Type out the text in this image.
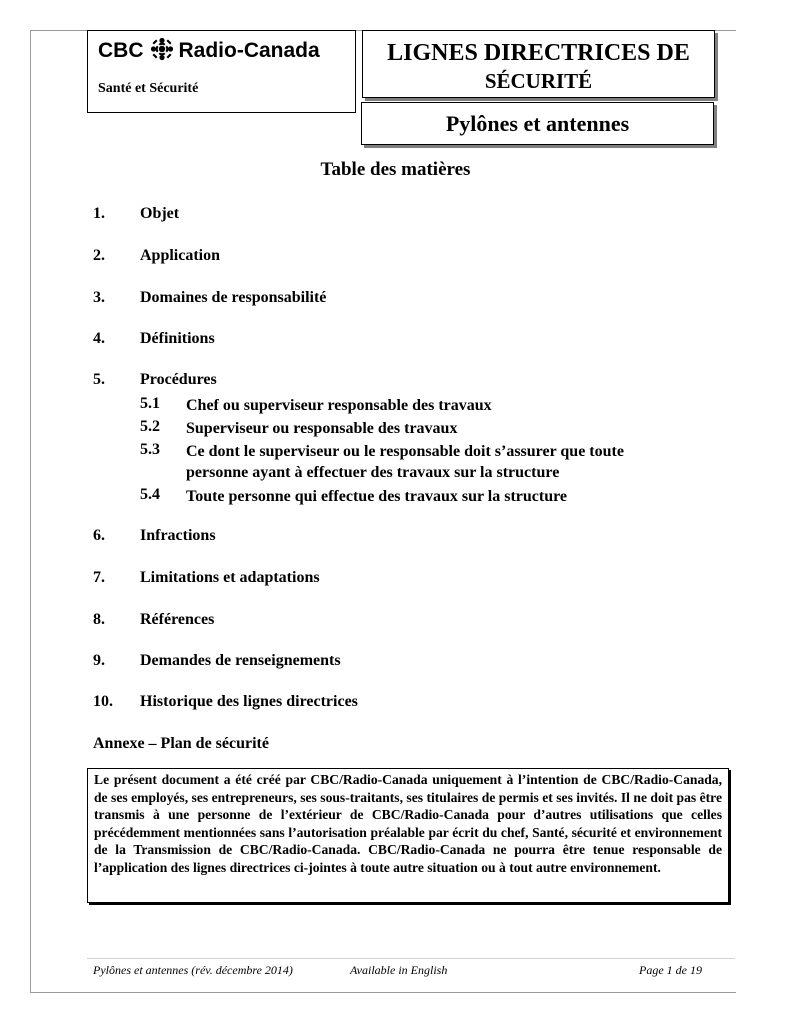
CBC Radio-Canada
Santé et Sécurité
LIGNES DIRECTRICES DE
SÉCURITÉ
Pylônes et antennes
Table des matières
1. Objet
2. Application
3. Domaines de responsabilité
4. Définitions
5. Procédures
5.1 Chef ou superviseur responsable des travaux
5.2 Superviseur ou responsable des travaux
5.3 Ce dont le superviseur ou le responsable doit s’assurer que toute
personne ayant à effectuer des travaux sur la structure
5.4 Toute personne qui effectue des travaux sur la structure
6. Infractions
7. Limitations et adaptations
8. Références
9. Demandes de renseignements
10. Historique des lignes directrices
Annexe – Plan de sécurité
Le présent document a été créé par CBC/Radio-Canada uniquement à l’intention de CBC/Radio-Canada, de ses employés, ses entrepreneurs, ses sous-traitants, ses titulaires de permis et ses invités. Il ne doit pas être transmis à une personne de l’extérieur de CBC/Radio-Canada pour d’autres utilisations que celles précédemment mentionnées sans l’autorisation préalable par écrit du chef, Santé, sécurité et environnement de la Transmission de CBC/Radio-Canada. CBC/Radio-Canada ne pourra être tenue responsable de l’application des lignes directrices ci-jointes à toute autre situation ou à tout autre environnement.
Pylônes et antennes (rév. décembre 2014)	Available in English	Page 1 de 19
